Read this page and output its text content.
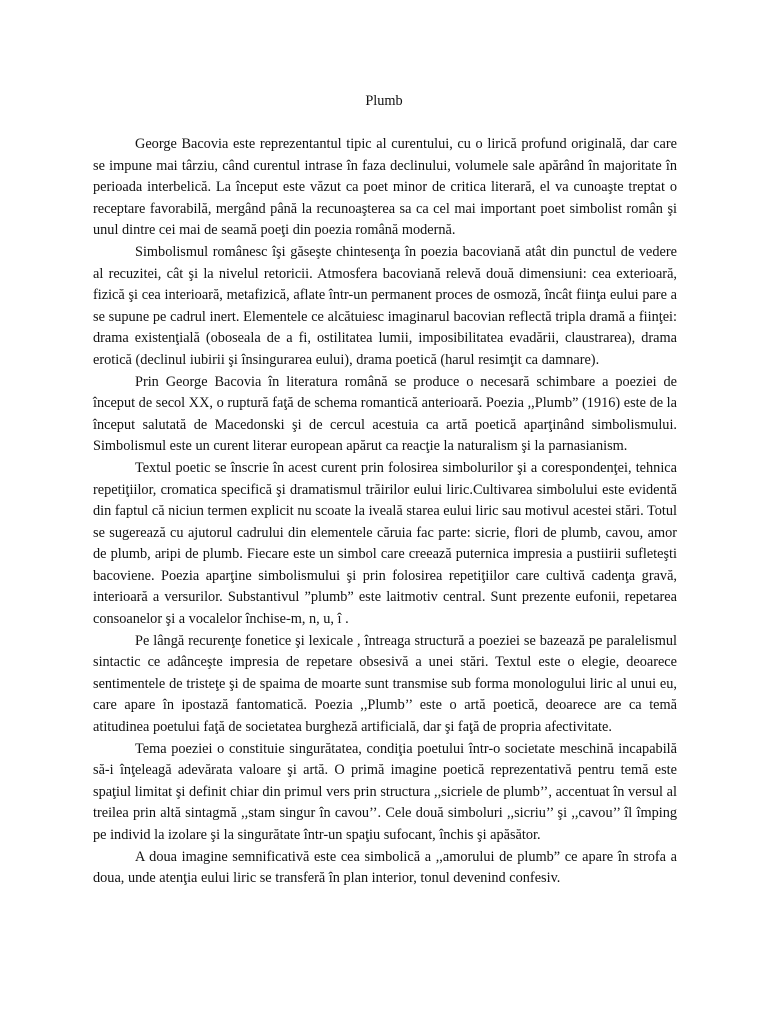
Plumb

George Bacovia este reprezentantul tipic al curentului, cu o lirică profund originală, dar care se impune mai târziu, când curentul intrase în faza declinului, volumele sale apărând în majoritate în perioada interbelică. La început este văzut ca poet minor de critica literară, el va cunoaşte treptat o receptare favorabilă, mergând până la recunoaşterea sa ca cel mai important poet simbolist român şi unul dintre cei mai de seamă poeţi din poezia română modernă.

Simbolismul românesc îşi găseşte chintesenţa în poezia bacoviană atât din punctul de vedere al recuzitei, cât şi la nivelul retoricii. Atmosfera bacoviană relevă două dimensiuni: cea exterioară, fizică şi cea interioară, metafizică, aflate într-un permanent proces de osmoză, încât fiinţa eului pare a se supune pe cadrul inert. Elementele ce alcătuiesc imaginarul bacovian reflectă tripla dramă a fiinţei: drama existenţială (oboseala de a fi, ostilitatea lumii, imposibilitatea evadării, claustrarea), drama erotică (declinul iubirii şi însingurarea eului), drama poetică (harul resimţit ca damnare).

Prin George Bacovia în literatura română se produce o necesară schimbare a poeziei de început de secol XX, o ruptură faţă de schema romantică anterioară. Poezia ,,Plumb” (1916) este de la început salutată de Macedonski şi de cercul acestuia ca artă poetică aparţinând simbolismului. Simbolismul este un curent literar european apărut ca reacţie la naturalism şi la parnasianism.

Textul poetic se înscrie în acest curent prin folosirea simbolurilor şi a corespondenţei, tehnica repetiţiilor, cromatica specifică şi dramatismul trăirilor eului liric.Cultivarea simbolului este evidentă din faptul că niciun termen explicit nu scoate la iveală starea eului liric sau motivul acestei stări. Totul se sugerează cu ajutorul cadrului din elementele căruia fac parte: sicrie, flori de plumb, cavou, amor de plumb, aripi de plumb. Fiecare este un simbol care creează puternica impresia a pustiirii sufleteşti bacoviene. Poezia aparţine simbolismului şi prin folosirea repetiţiilor care cultivă cadenţa gravă, interioară a versurilor. Substantivul ”plumb” este laitmotiv central. Sunt prezente eufonii, repetarea consoanelor şi a vocalelor închise-m, n, u, î .

Pe lângă recurenţe fonetice şi lexicale , întreaga structură a poeziei se bazează pe paralelismul sintactic ce adânceşte impresia de repetare obsesivă a unei stări. Textul este o elegie, deoarece sentimentele de tristeţe şi de spaima de moarte sunt transmise sub forma monologului liric al unui eu, care apare în ipostază fantomatică. Poezia ,,Plumb’’ este o artă poetică, deoarece are ca temă atitudinea poetului faţă de societatea burgheză artificială, dar şi faţă de propria afectivitate.

Tema poeziei o constituie singurătatea, condiţia poetului într-o societate meschină incapabilă să-i înţeleagă adevărata valoare şi artă. O primă imagine poetică reprezentativă pentru temă este spaţiul limitat şi definit chiar din primul vers prin structura ,,sicriele de plumb’’, accentuat în versul al treilea prin altă sintagmă ,,stam singur în cavou’’. Cele două simboluri ,,sicriu’’ şi ,,cavou’’ îl împing pe individ la izolare şi la singurătate într-un spaţiu sufocant, închis şi apăsător.

A doua imagine semnificativă este cea simbolică a ,,amorului de plumb” ce apare în strofa a doua, unde atenţia eului liric se transferă în plan interior, tonul devenind confesiv.
